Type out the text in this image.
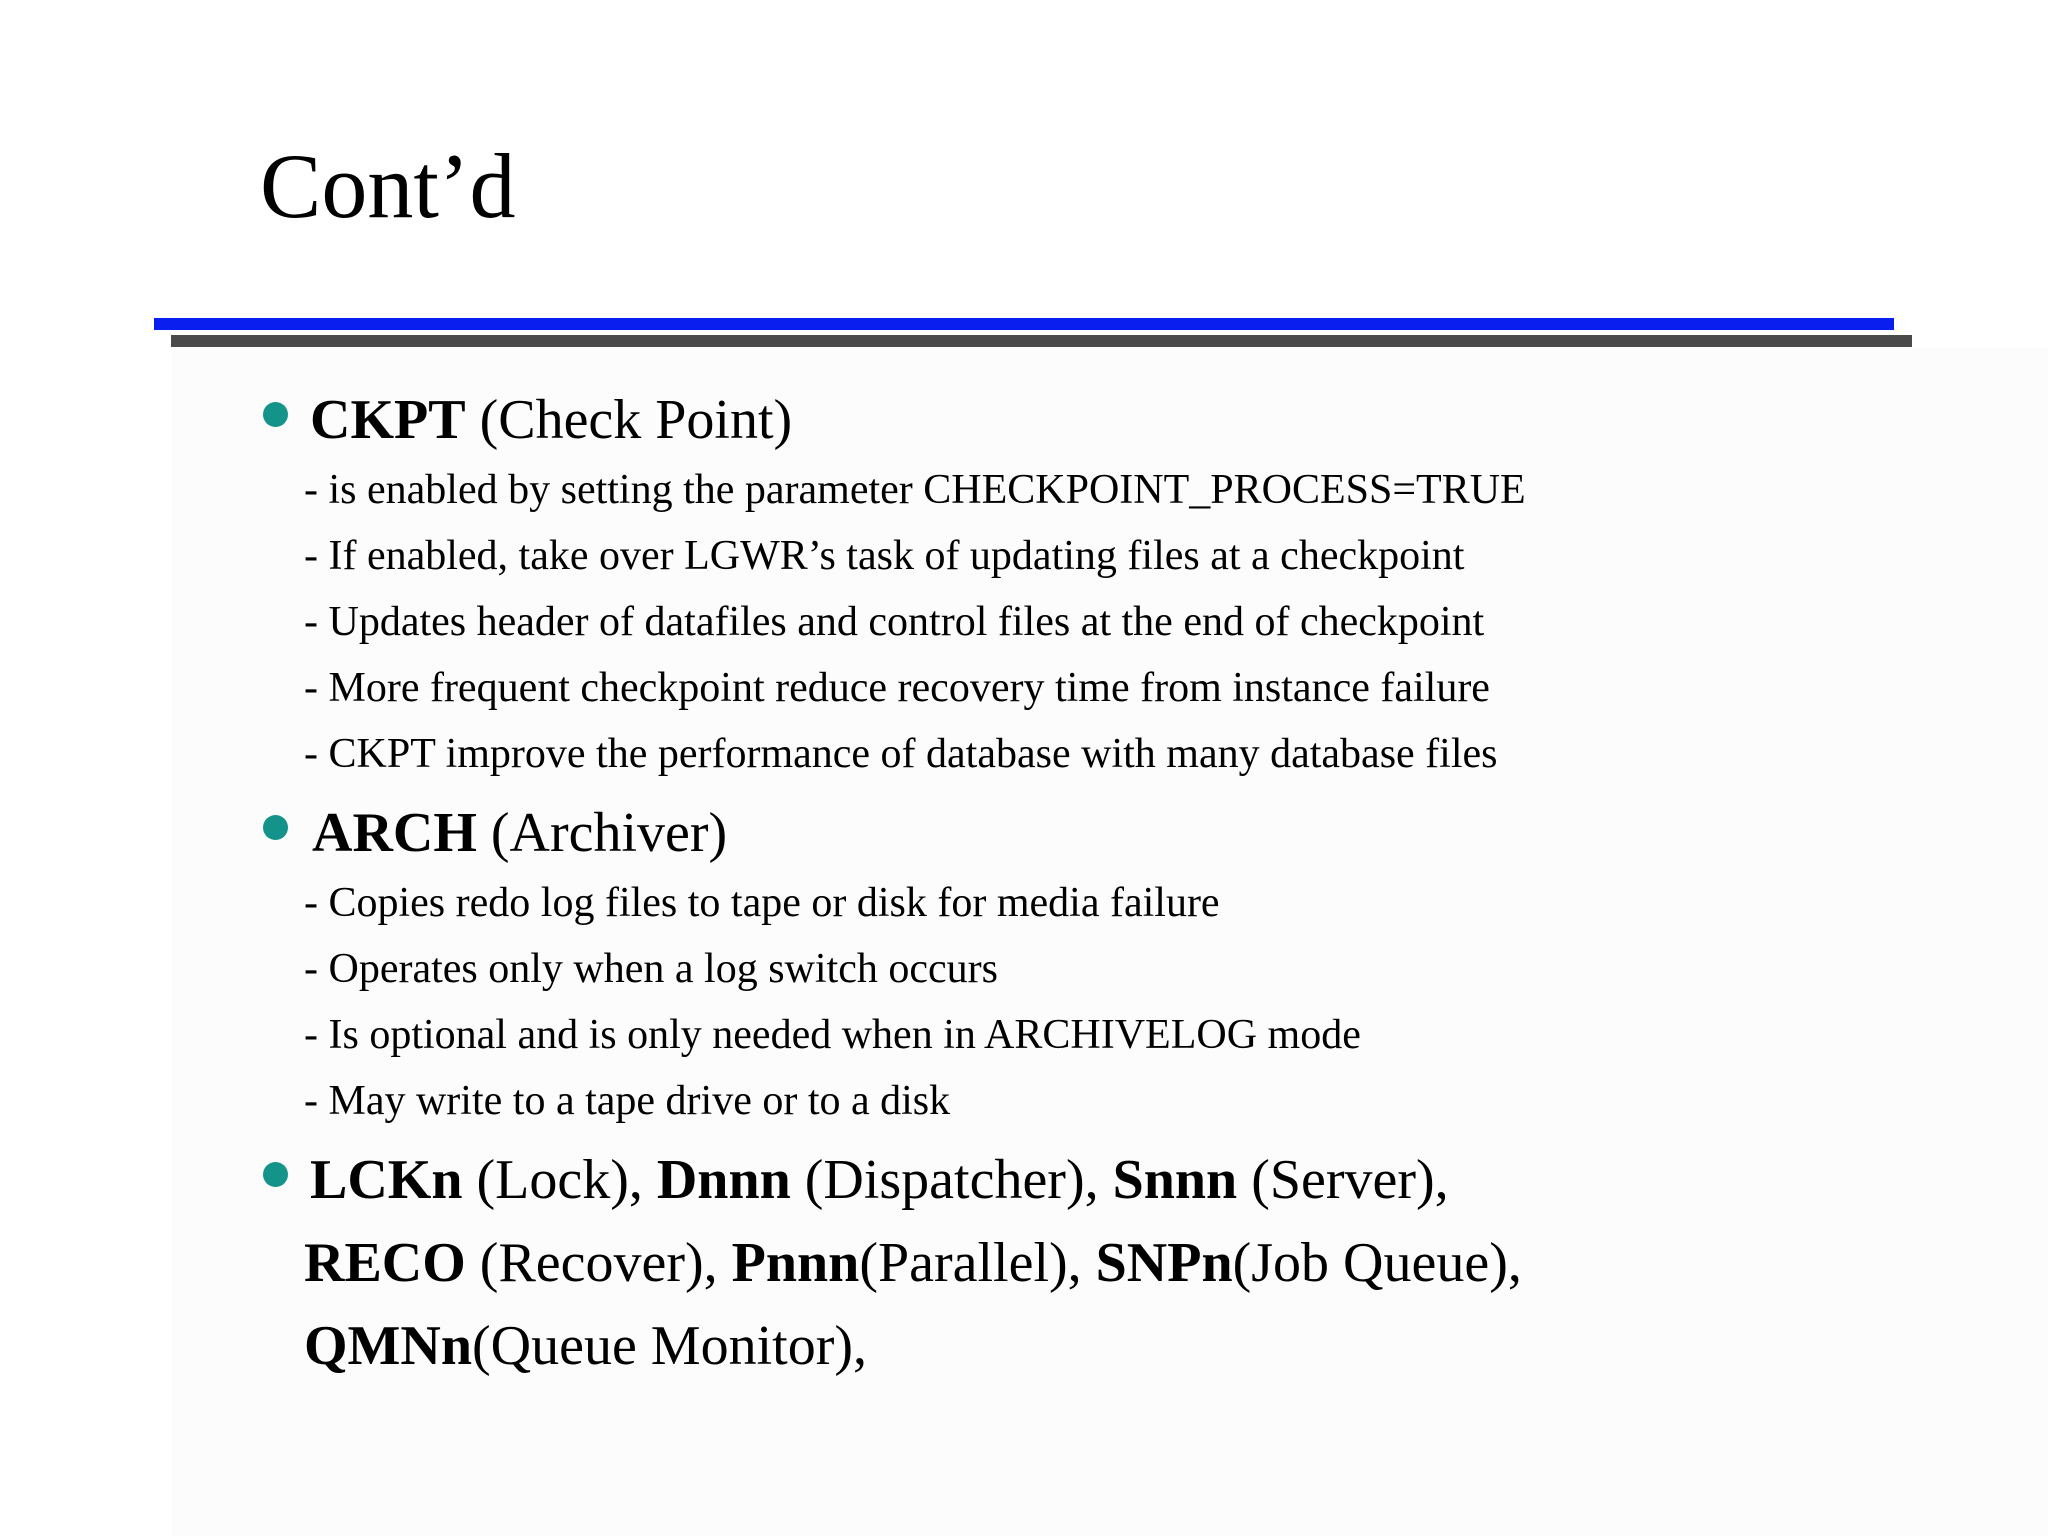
Cont’d
CKPT (Check Point)
- is enabled by setting the parameter CHECKPOINT_PROCESS=TRUE
- If enabled, take over LGWR’s task of updating files at a checkpoint
- Updates header of datafiles and control files at the end of checkpoint
- More frequent checkpoint reduce recovery time from instance failure
- CKPT improve the performance of database with many database files
ARCH (Archiver)
- Copies redo log files to tape or disk for media failure
- Operates only when a log switch occurs
- Is optional and is only needed when in ARCHIVELOG mode
- May write to a tape drive or to a disk
LCKn (Lock), Dnnn (Dispatcher), Snnn (Server),
RECO (Recover), Pnnn(Parallel), SNPn(Job Queue),
QMNn(Queue Monitor),
